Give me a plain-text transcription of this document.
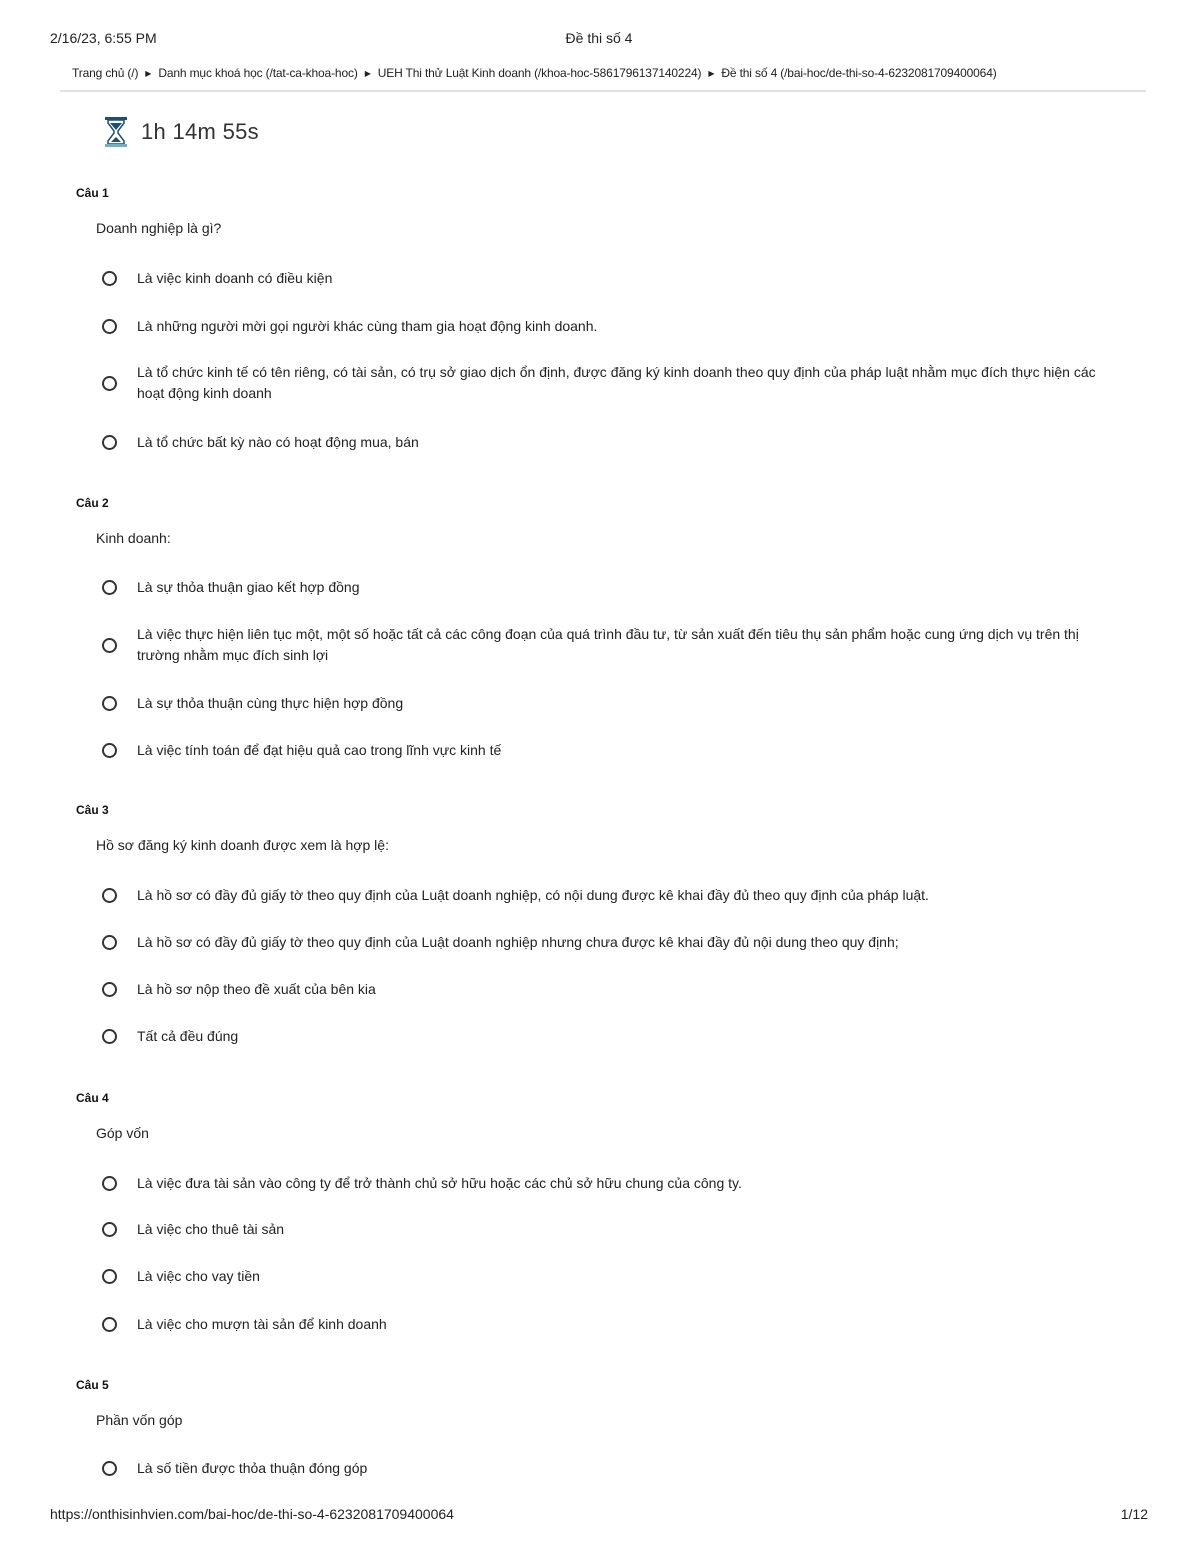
2/16/23, 6:55 PM	Đề thi số 4
Trang chủ (/) ▶ Danh mục khoá học (/tat-ca-khoa-hoc) ▶ UEH Thi thử Luật Kinh doanh (/khoa-hoc-5861796137140224) ▶ Đề thi số 4 (/bai-hoc/de-thi-so-4-6232081709400064)
1h 14m 55s
Câu 1
Doanh nghiệp là gì?
Là việc kinh doanh có điều kiện
Là những người mời gọi người khác cùng tham gia hoạt động kinh doanh.
Là tổ chức kinh tế có tên riêng, có tài sản, có trụ sở giao dịch ổn định, được đăng ký kinh doanh theo quy định của pháp luật nhằm mục đích thực hiện các hoạt động kinh doanh
Là tổ chức bất kỳ nào có hoạt động mua, bán
Câu 2
Kinh doanh:
Là sự thỏa thuận giao kết hợp đồng
Là việc thực hiện liên tục một, một số hoặc tất cả các công đoạn của quá trình đầu tư, từ sản xuất đến tiêu thụ sản phẩm hoặc cung ứng dịch vụ trên thị trường nhằm mục đích sinh lợi
Là sự thỏa thuận cùng thực hiện hợp đồng
Là việc tính toán để đạt hiệu quả cao trong lĩnh vực kinh tế
Câu 3
Hồ sơ đăng ký kinh doanh được xem là hợp lệ:
Là hồ sơ có đầy đủ giấy tờ theo quy định của Luật doanh nghiệp, có nội dung được kê khai đầy đủ theo quy định của pháp luật.
Là hồ sơ có đầy đủ giấy tờ theo quy định của Luật doanh nghiệp nhưng chưa được kê khai đầy đủ nội dung theo quy định;
Là hồ sơ nộp theo đề xuất của bên kia
Tất cả đều đúng
Câu 4
Góp vốn
Là việc đưa tài sản vào công ty để trở thành chủ sở hữu hoặc các chủ sở hữu chung của công ty.
Là việc cho thuê tài sản
Là việc cho vay tiền
Là việc cho mượn tài sản để kinh doanh
Câu 5
Phần vốn góp
Là số tiền được thỏa thuận đóng góp
https://onthisinhvien.com/bai-hoc/de-thi-so-4-6232081709400064	1/12
